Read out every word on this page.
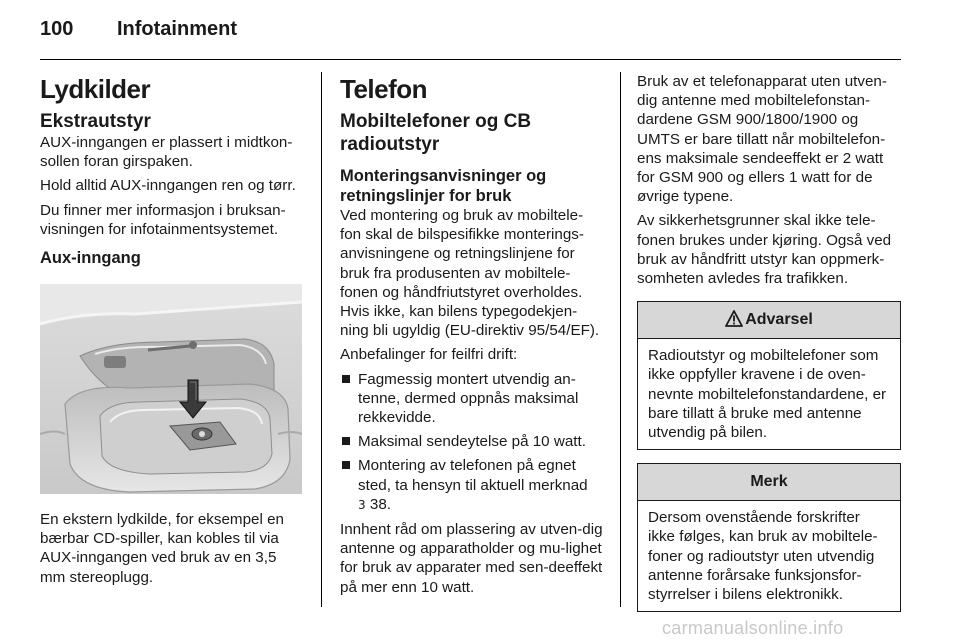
100 Infotainment
Lydkilder
Ekstrautstyr

AUX-inngangen er plassert i midtkon-sollen foran girspaken.

Hold alltid AUX-inngangen ren og tørr.

Du finner mer informasjon i bruksan-visningen for infotainmentsystemet.

Aux-inngang

En ekstern lydkilde, for eksempel en bærbar CD-spiller, kan kobles til via AUX-inngangen ved bruk av en 3,5 mm stereoplugg.

Telefon
Mobiltelefoner og CB radioutstyr
Monteringsanvisninger og retningslinjer for bruk

Ved montering og bruk av mobiltele-fon skal de bilspesifikke monterings-anvisningene og retningslinjene for bruk fra produsenten av mobiltele-fonen og håndfriutstyret overholdes. Hvis ikke, kan bilens typegodekjen-ning bli ugyldig (EU-direktiv 95/54/EF).

Anbefalinger for feilfri drift:

Fagmessig montert utvendig an-tenne, dermed oppnås maksimal rekkevidde.
Maksimal sendeytelse på 10 watt.
Montering av telefonen på egnet sted, ta hensyn til aktuell merknad
3 38.

Innhent råd om plassering av utven-dig antenne og apparatholder og mu-lighet for bruk av apparater med sen-deeffekt på mer enn 10 watt.

Bruk av et telefonapparat uten utven-dig antenne med mobiltelefonstan-dardene GSM 900/1800/1900 og UMTS er bare tillatt når mobiltelefon-ens maksimale sendeeffekt er 2 watt for GSM 900 og ellers 1 watt for de øvrige typene.

Av sikkerhetsgrunner skal ikke tele-fonen brukes under kjøring. Også ved bruk av håndfritt utstyr kan oppmerk-somheten avledes fra trafikken.

Advarsel

Radioutstyr og mobiltelefoner som ikke oppfyller kravene i de oven-nevnte mobiltelefonstandardene, er bare tillatt å bruke med antenne utvendig på bilen.

Merk

Dersom ovenstående forskrifter ikke følges, kan bruk av mobiltele-foner og radioutstyr uten utvendig antenne forårsake funksjonsfor-styrrelser i bilens elektronikk.

carmanualsonline.info
